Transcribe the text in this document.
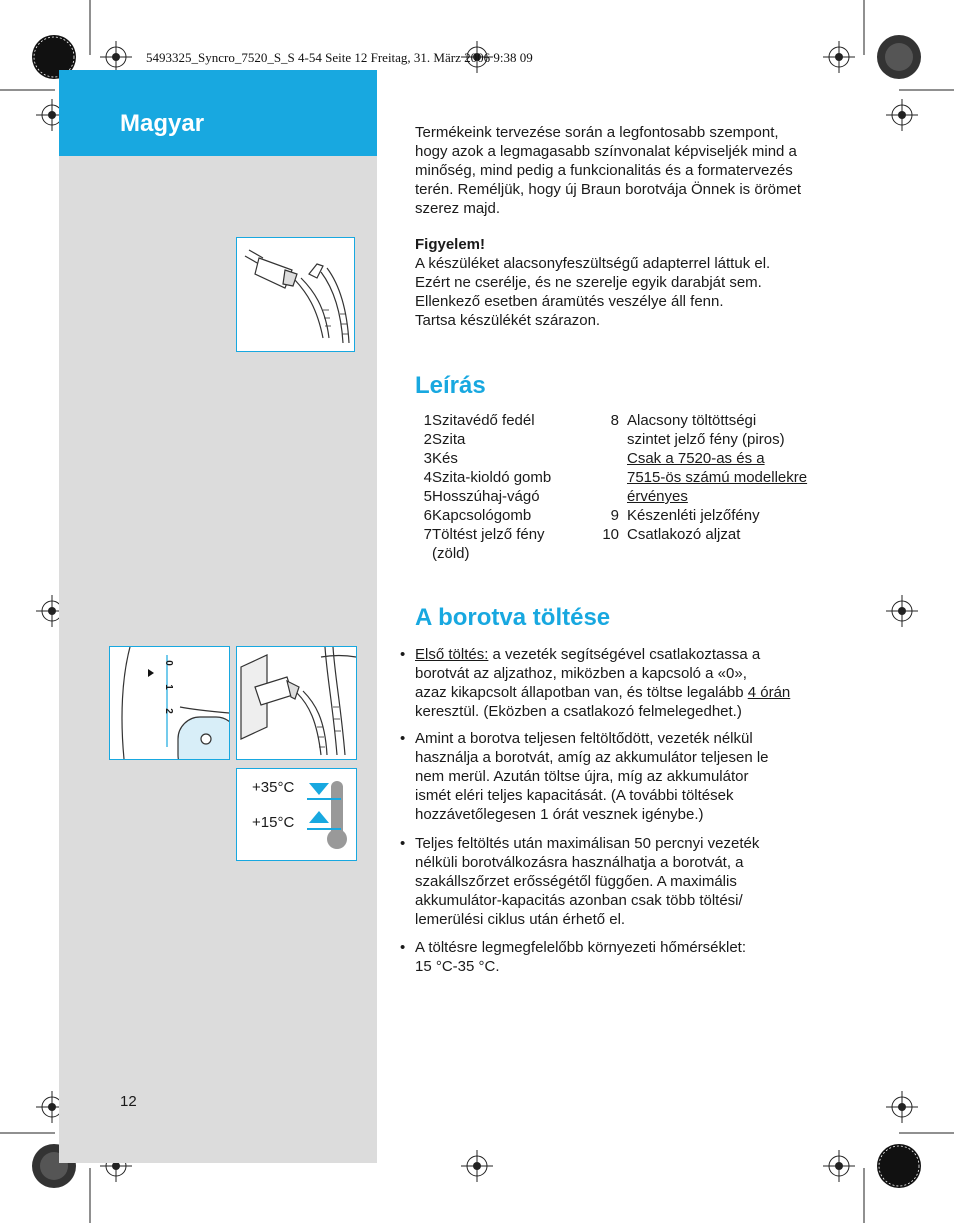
5493325_Syncro_7520_S_S 4-54 Seite 12 Freitag, 31. März 2006 9:38 09
Magyar
0
1
2
+35°C
+15°C
Termékeink tervezése során a legfontosabb szempont,
hogy azok a legmagasabb színvonalat képviseljék mind a
minőség, mind pedig a funkcionalitás és a formatervezés
terén. Reméljük, hogy új Braun borotvája Önnek is örömet
szerez majd.
Figyelem!
A készüléket alacsonyfeszültségű adapterrel láttuk el.
Ezért ne cserélje, és ne szerelje egyik darabját sem.
Ellenkező esetben áramütés veszélye áll fenn.
Tartsa készülékét szárazon.
Leírás
1 Szitavédő fedél
2 Szita
3 Kés
4 Szita-kioldó gomb
5 Hosszúhaj-vágó
6 Kapcsológomb
7 Töltést jelző fény
(zöld)
8 Alacsony töltöttségi
szintet jelző fény (piros)
Csak a 7520-as és a
7515-ös számú modellekre
érvényes
9 Készenléti jelzőfény
10 Csatlakozó aljzat
A borotva töltése
• Első töltés: a vezeték segítségével csatlakoztassa a
borotvát az aljzathoz, miközben a kapcsoló a «0»,
azaz kikapcsolt állapotban van, és töltse legalább 4 órán
keresztül. (Eközben a csatlakozó felmelegedhet.)
• Amint a borotva teljesen feltöltődött, vezeték nélkül
használja a borotvát, amíg az akkumulátor teljesen le
nem merül. Azután töltse újra, míg az akkumulátor
ismét eléri teljes kapacitását. (A további töltések
hozzávetőlegesen 1 órát vesznek igénybe.)
• Teljes feltöltés után maximálisan 50 percnyi vezeték
nélküli borotválkozásra használhatja a borotvát, a
szakállszőrzet erősségétől függően. A maximális
akkumulátor-kapacitás azonban csak több töltési/
lemerülési ciklus után érhető el.
• A töltésre legmegfelelőbb környezeti hőmérséklet:
15 °C-35 °C.
12
